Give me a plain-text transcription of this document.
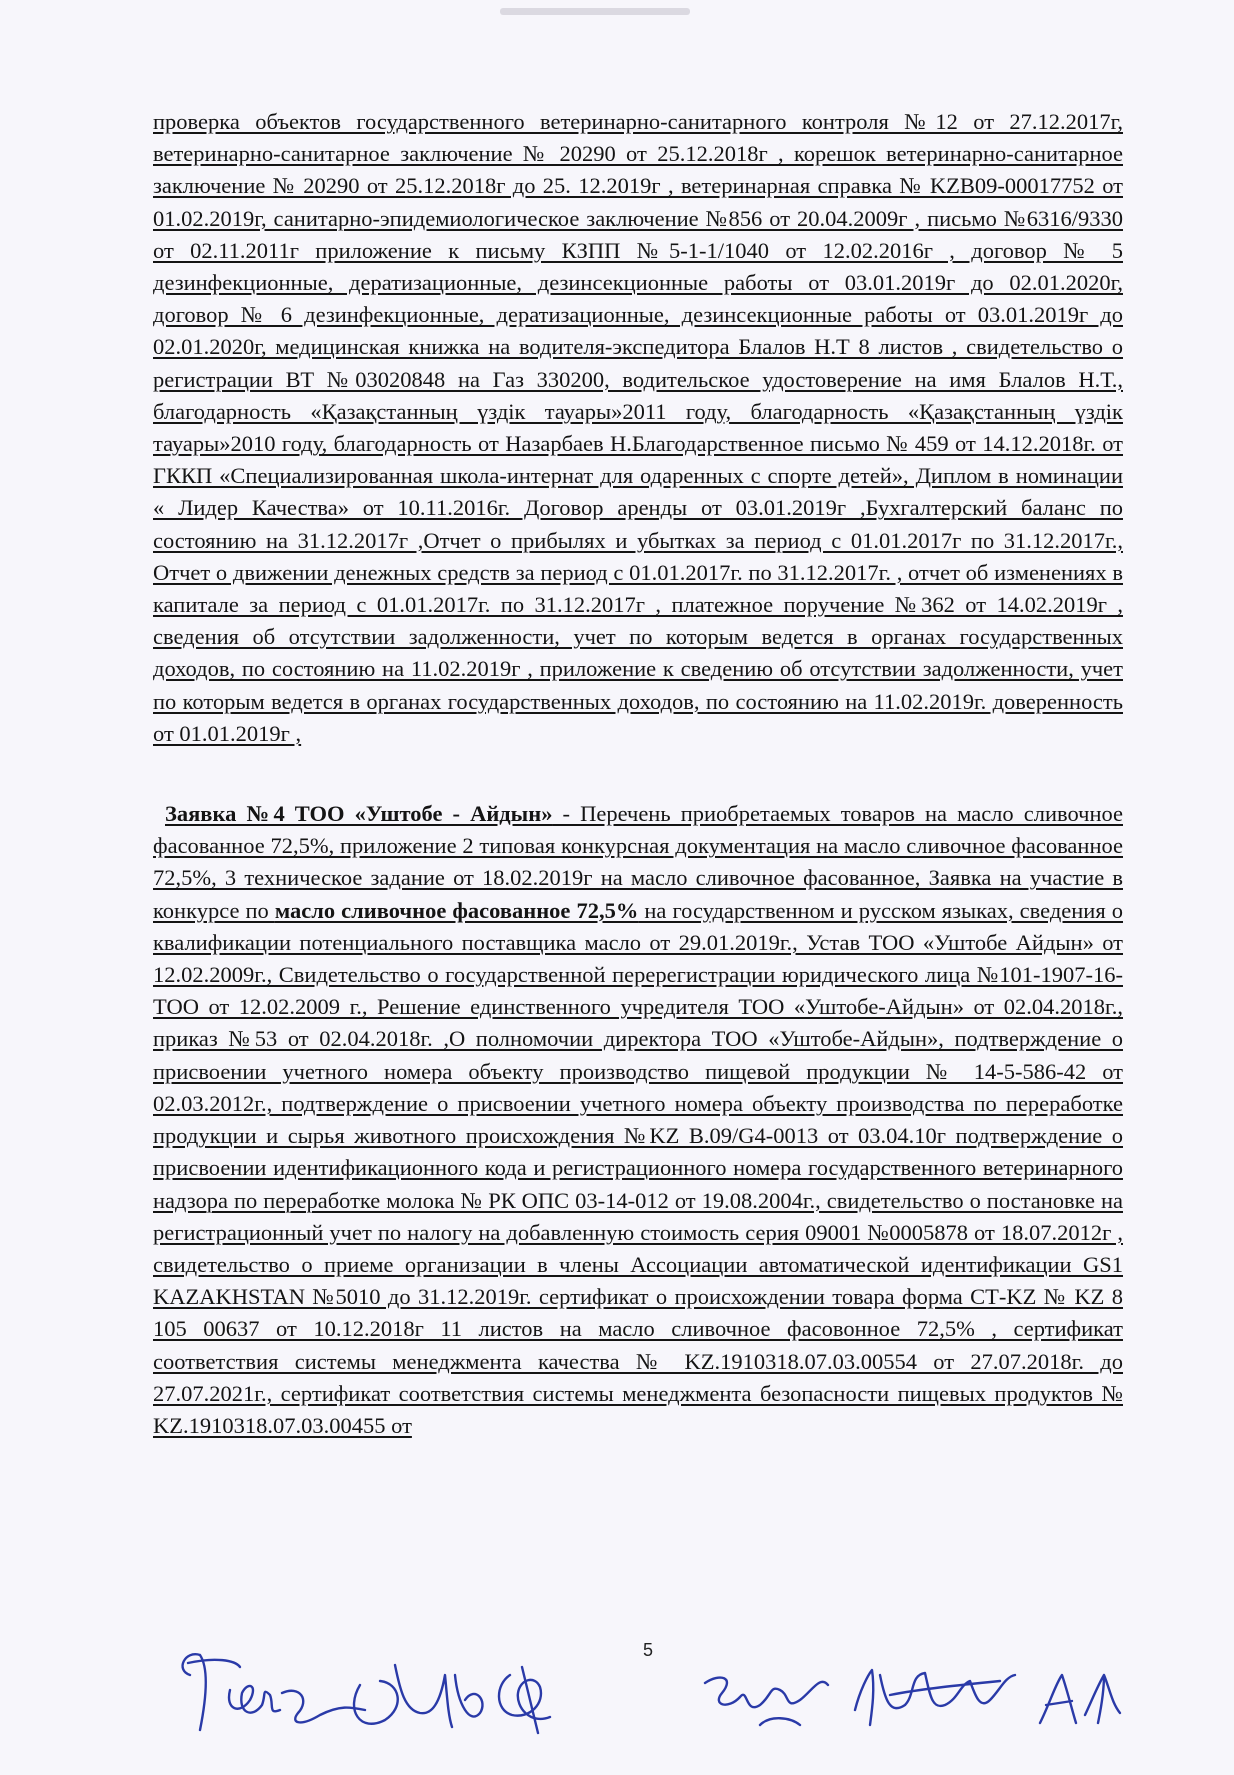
проверка объектов государственного ветеринарно-санитарного контроля №12 от 27.12.2017г, ветеринарно-санитарное заключение № 20290 от 25.12.2018г , корешок ветеринарно-санитарное заключение № 20290 от 25.12.2018г до 25. 12.2019г , ветеринарная справка № KZB09-00017752 от 01.02.2019г, санитарно-эпидемиологическое заключение №856 от 20.04.2009г , письмо №6316/9330 от 02.11.2011г приложение к письму КЗПП №5-1-1/1040 от 12.02.2016г , договор № 5 дезинфекционные, дератизационные, дезинсекционные работы от 03.01.2019г до 02.01.2020г, договор № 6 дезинфекционные, дератизационные, дезинсекционные работы от 03.01.2019г до 02.01.2020г, медицинская книжка на водителя-экспедитора Блалов Н.Т 8 листов , свидетельство о регистрации ВТ №03020848 на Газ 330200, водительское удостоверение на имя Блалов Н.Т., благодарность «Қазақстанның үздік тауары»2011 году, благодарность «Қазақстанның үздік тауары»2010 году, благодарность от Назарбаев Н.Благодарственное письмо № 459 от 14.12.2018г. от ГККП «Специализированная школа-интернат для одаренных с спорте детей», Диплом в номинации « Лидер Качества» от 10.11.2016г. Договор аренды от 03.01.2019г ,Бухгалтерский баланс по состоянию на 31.12.2017г ,Отчет о прибылях и убытках за период с 01.01.2017г по 31.12.2017г., Отчет о движении денежных средств за период с 01.01.2017г. по 31.12.2017г. , отчет об изменениях в капитале за период с 01.01.2017г. по 31.12.2017г , платежное поручение №362 от 14.02.2019г , сведения об отсутствии задолженности, учет по которым ведется в органах государственных доходов, по состоянию на 11.02.2019г , приложение к сведению об отсутствии задолженности, учет по которым ведется в органах государственных доходов, по состоянию на 11.02.2019г. доверенность от 01.01.2019г ,

Заявка №4 ТОО «Уштобе - Айдын» - Перечень приобретаемых товаров на масло сливочное фасованное 72,5%, приложение 2 типовая конкурсная документация на масло сливочное фасованное 72,5%, 3 техническое задание от 18.02.2019г на масло сливочное фасованное, Заявка на участие в конкурсе по масло сливочное фасованное 72,5% на государственном и русском языках, сведения о квалификации потенциального поставщика масло от 29.01.2019г., Устав ТОО «Уштобе Айдын» от 12.02.2009г., Свидетельство о государственной перерегистрации юридического лица №101-1907-16-ТОО от 12.02.2009 г., Решение единственного учредителя ТОО «Уштобе-Айдын» от 02.04.2018г., приказ №53 от 02.04.2018г. ,О полномочии директора ТОО «Уштобе-Айдын», подтверждение о присвоении учетного номера объекту производство пищевой продукции № 14-5-586-42 от 02.03.2012г., подтверждение о присвоении учетного номера объекту производства по переработке продукции и сырья животного происхождения №KZ B.09/G4-0013 от 03.04.10г подтверждение о присвоении идентификационного кода и регистрационного номера государственного ветеринарного надзора по переработке молока № РК ОПС 03-14-012 от 19.08.2004г., свидетельство о постановке на регистрационный учет по налогу на добавленную стоимость серия 09001 №0005878 от 18.07.2012г , свидетельство о приеме организации в члены Ассоциации автоматической идентификации GS1 KAZAKHSTAN №5010 до 31.12.2019г. сертификат о происхождении товара форма СТ-KZ № KZ 8 105 00637 от 10.12.2018г 11 листов на масло сливочное фасовонное 72,5% , сертификат соответствия системы менеджмента качества № KZ.1910318.07.03.00554 от 27.07.2018г. до 27.07.2021г., сертификат соответствия системы менеджмента безопасности пищевых продуктов № KZ.1910318.07.03.00455 от

5
